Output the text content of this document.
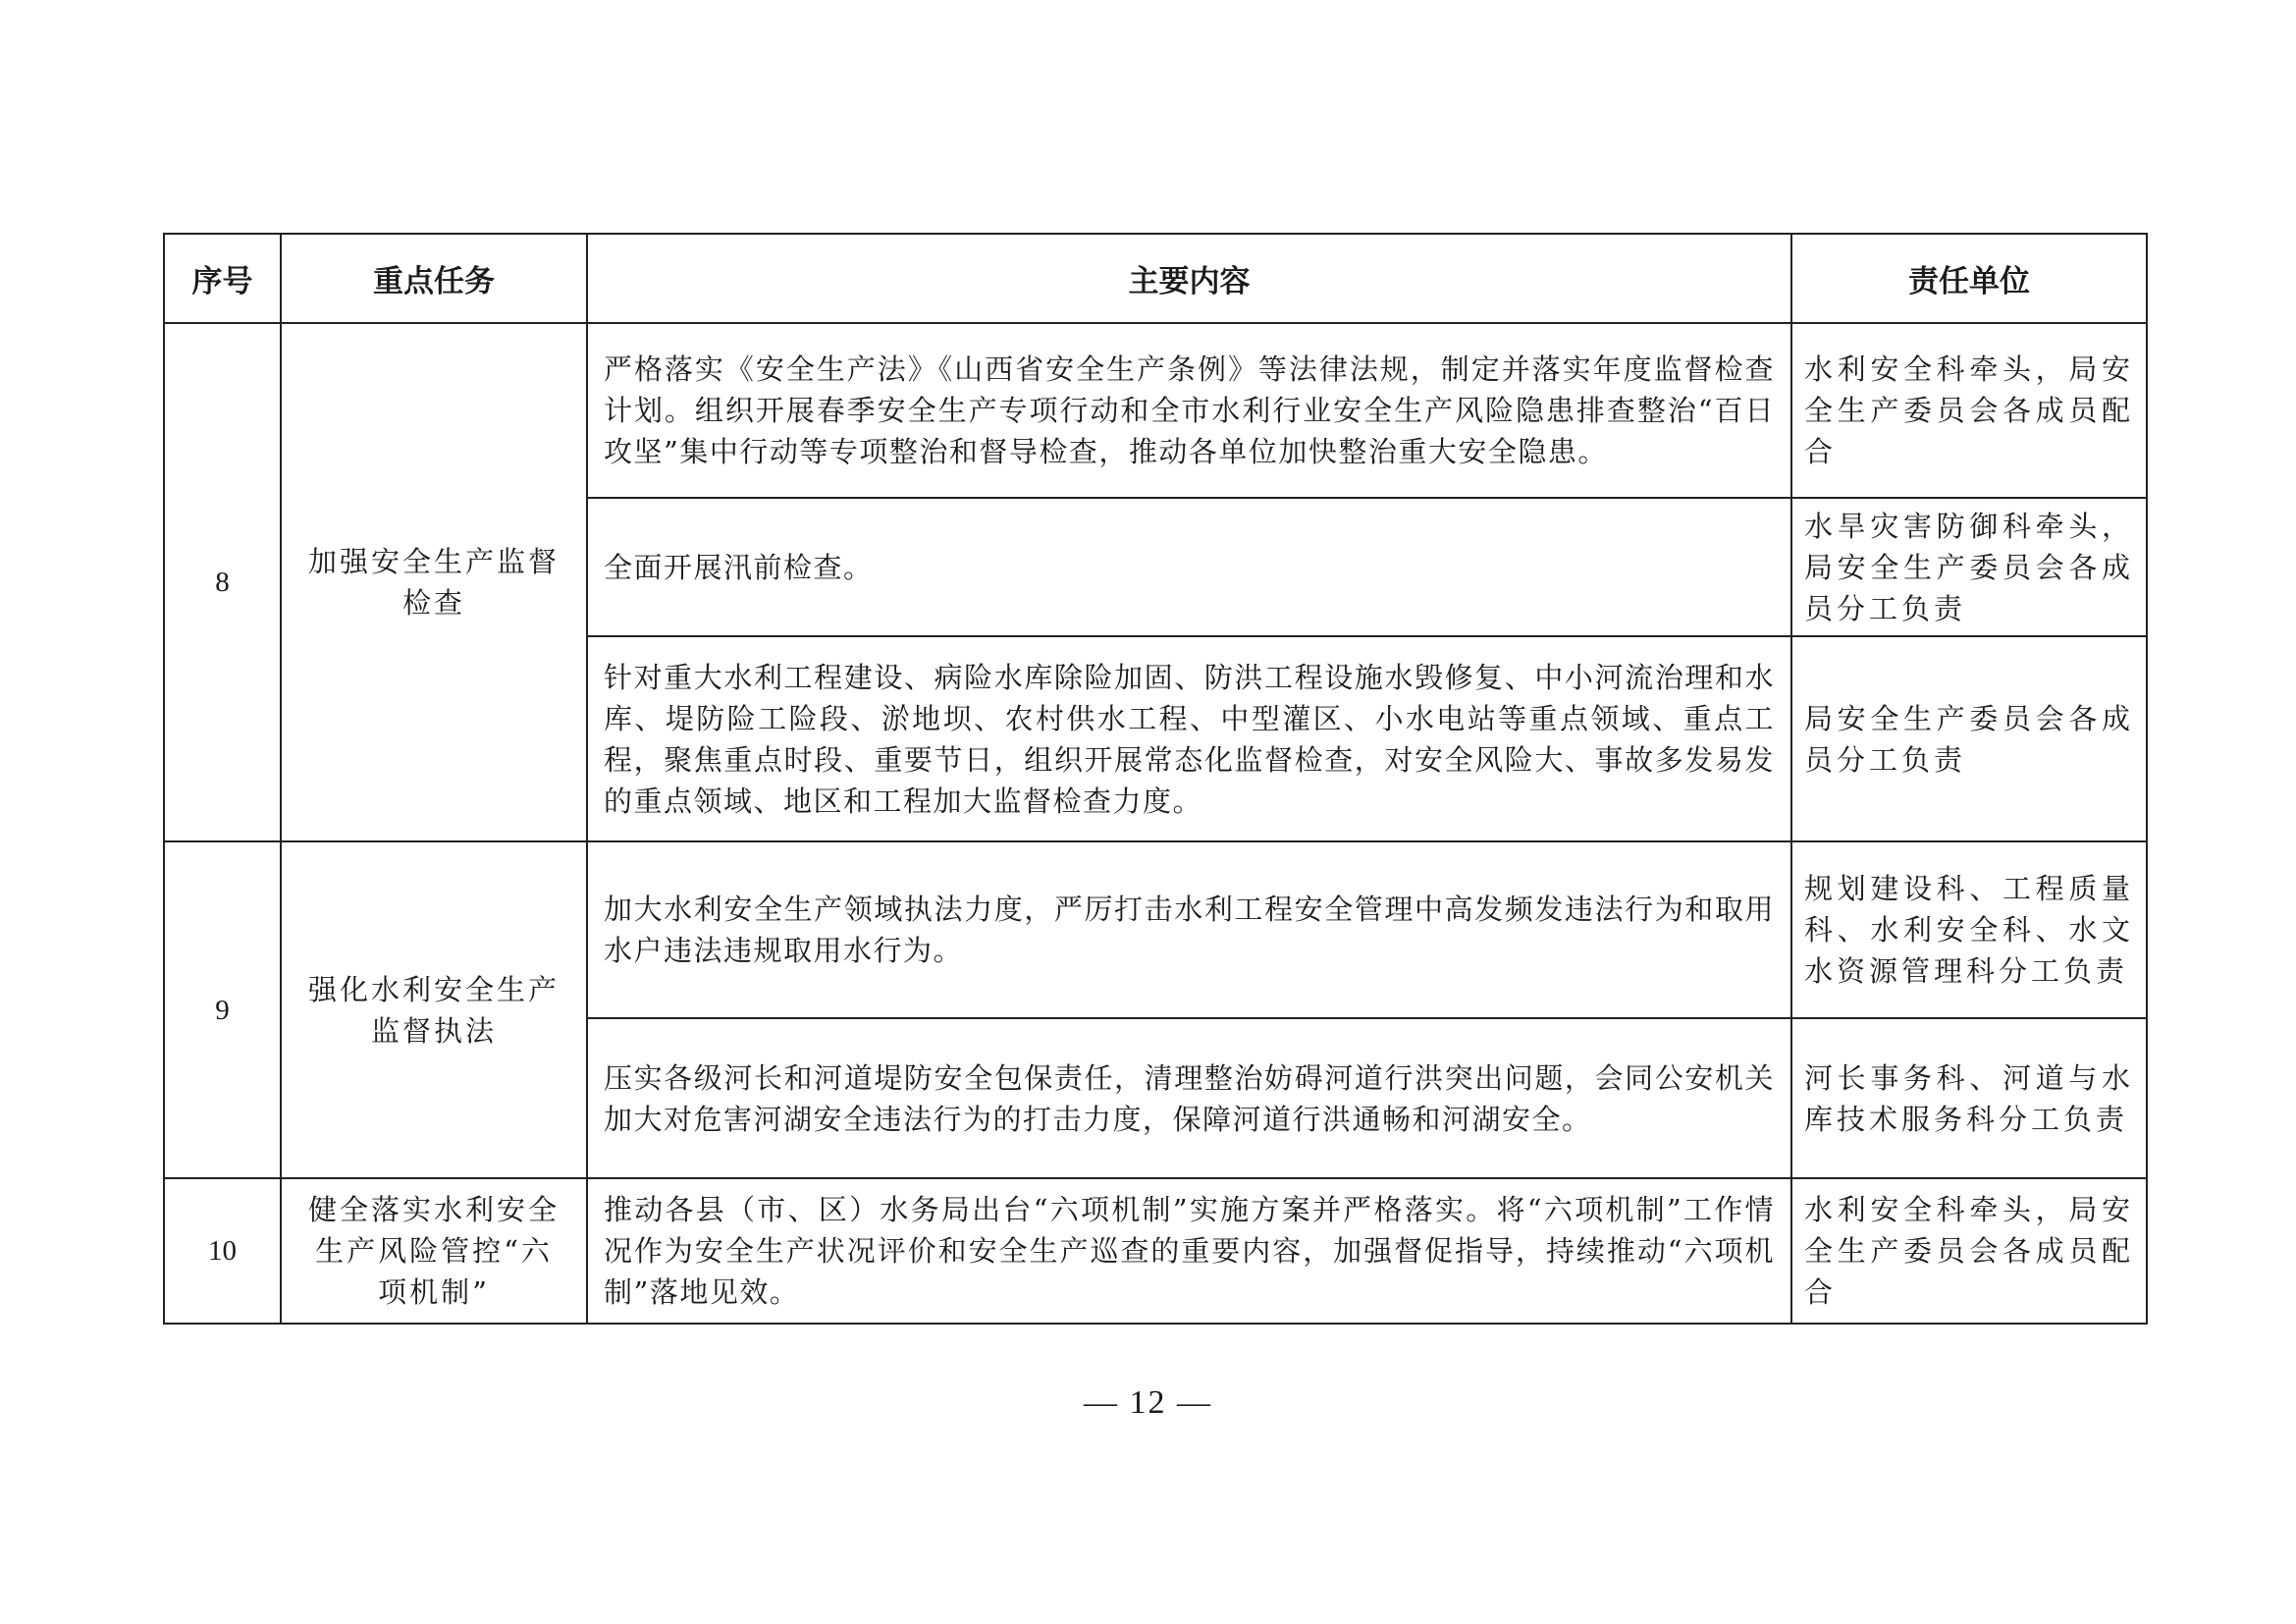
序号	重点任务	主要内容	责任单位
8	加强安全生产监督检查	严格落实《安全生产法》《山西省安全生产条例》等法律法规，制定并落实年度监督检查计划。组织开展春季安全生产专项行动和全市水利行业安全生产风险隐患排查整治“百日攻坚”集中行动等专项整治和督导检查，推动各单位加快整治重大安全隐患。	水利安全科牵头，局安全生产委员会各成员配合
		全面开展汛前检查。	水旱灾害防御科牵头，局安全生产委员会各成员分工负责
		针对重大水利工程建设、病险水库除险加固、防洪工程设施水毁修复、中小河流治理和水库、堤防险工险段、淤地坝、农村供水工程、中型灌区、小水电站等重点领域、重点工程，聚焦重点时段、重要节日，组织开展常态化监督检查，对安全风险大、事故多发易发的重点领域、地区和工程加大监督检查力度。	局安全生产委员会各成员分工负责
9	强化水利安全生产监督执法	加大水利安全生产领域执法力度，严厉打击水利工程安全管理中高发频发违法行为和取用水户违法违规取用水行为。	规划建设科、工程质量科、水利安全科、水文水资源管理科分工负责
		压实各级河长和河道堤防安全包保责任，清理整治妨碍河道行洪突出问题，会同公安机关加大对危害河湖安全违法行为的打击力度，保障河道行洪通畅和河湖安全。	河长事务科、河道与水库技术服务科分工负责
10	健全落实水利安全生产风险管控“六项机制”	推动各县（市、区）水务局出台“六项机制”实施方案并严格落实。将“六项机制”工作情况作为安全生产状况评价和安全生产巡查的重要内容，加强督促指导，持续推动“六项机制”落地见效。	水利安全科牵头，局安全生产委员会各成员配合
— 12 —
